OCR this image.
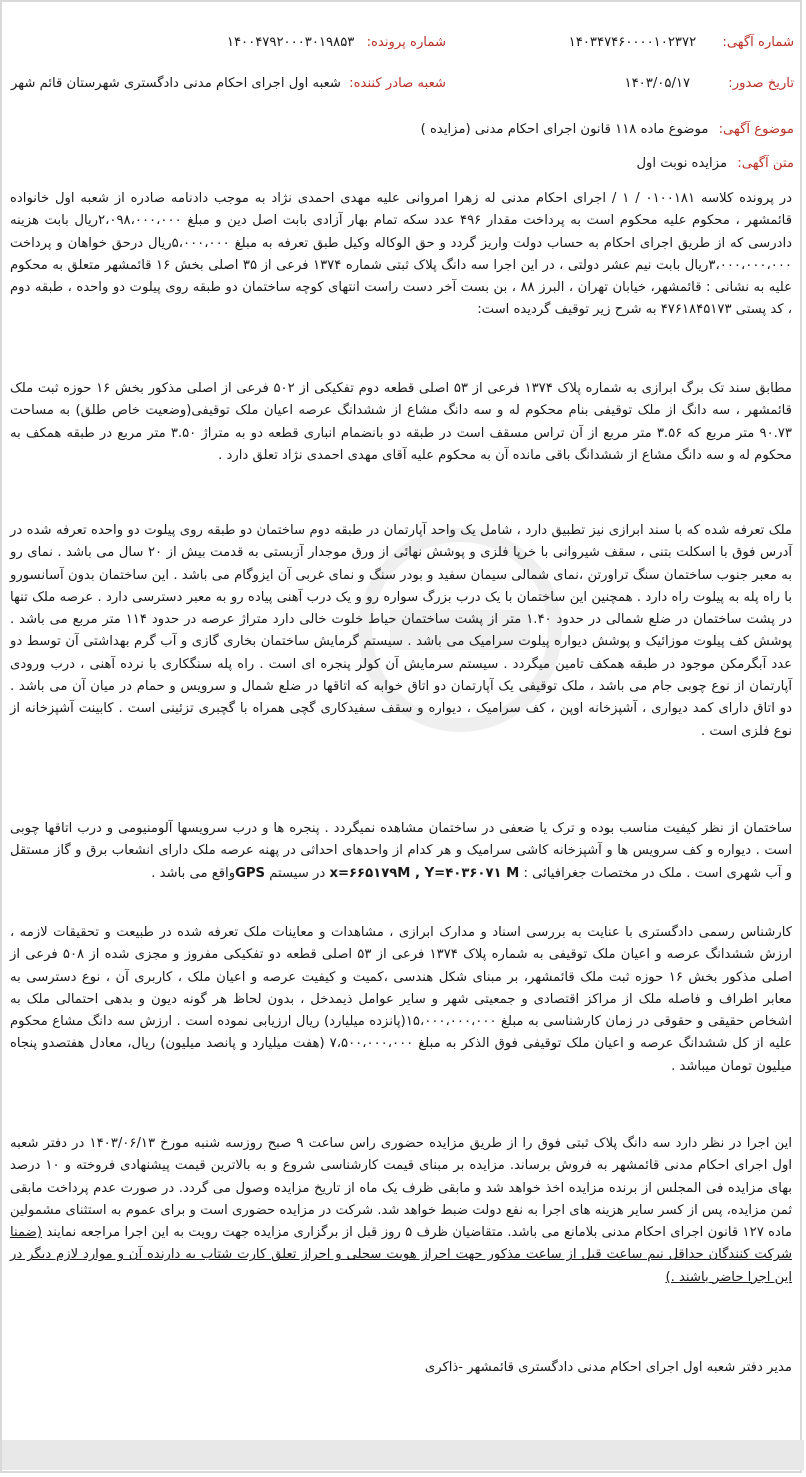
شماره آگهی: ۱۴۰۳۴۷۴۶۰۰۰۰۱۰۲۳۷۲
شماره پرونده: ۱۴۰۰۴۷۹۲۰۰۰۳۰۱۹۸۵۳
تاریخ صدور: ۱۴۰۳/۰۵/۱۷
شعبه صادر کننده: شعبه اول اجرای احکام مدنی دادگستری شهرستان قائم شهر
موضوع آگهی: موضوع ماده ۱۱۸ قانون اجرای احکام مدنی (مزایده )
متن آگهی: مزایده نوبت اول
در پرونده کلاسه ۰۱۰۰۱۸۱ / ۱ / اجرای احکام مدنی له زهرا امروانی علیه مهدی احمدی نژاد به موجب دادنامه صادره از شعبه اول خانواده قائمشهر ، محکوم علیه محکوم است به پرداخت مقدار ۴۹۶ عدد سکه تمام بهار آزادی بابت اصل دین و مبلغ ۲،۰۹۸،۰۰۰،۰۰۰ریال بابت هزینه دادرسی که از طریق اجرای احکام به حساب دولت واریز گردد و حق الوکاله وکیل طبق تعرفه به مبلغ ۵،۰۰۰،۰۰۰ریال درحق خواهان و پرداخت ۳،۰۰۰،۰۰۰،۰۰۰ریال بابت نیم عشر دولتی ، در این اجرا سه دانگ پلاک ثبتی شماره ۱۳۷۴ فرعی از ۳۵ اصلی بخش ۱۶ قائمشهر متعلق به محکوم علیه به نشانی : قائمشهر، خیابان تهران ، البرز ۸۸ ، بن بست آخر دست راست انتهای کوچه ساختمان دو طبقه روی پیلوت دو واحده ، طبقه دوم ، کد پستی ۴۷۶۱۸۴۵۱۷۳ به شرح زیر توقیف گردیده است:
مطابق سند تک برگ ابرازی به شماره پلاک ۱۳۷۴ فرعی از ۵۳ اصلی قطعه دوم تفکیکی از ۵۰۲ فرعی از اصلی مذکور بخش ۱۶ حوزه ثبت ملک قائمشهر ، سه دانگ از ملک توقیفی بنام محکوم له و سه دانگ مشاع از ششدانگ عرصه اعیان ملک توقیفی(وضعیت خاص طلق) به مساحت ۹۰.۷۳ متر مربع که ۳.۵۶ متر مربع از آن تراس مسقف است در طبقه دو بانضمام انباری قطعه دو به متراژ ۳.۵۰ متر مربع در طبقه همکف به محکوم له و سه دانگ مشاع از ششدانگ باقی مانده آن به محکوم علیه آقای مهدی احمدی نژاد تعلق دارد .
ملک تعرفه شده که با سند ابرازی نیز تطبیق دارد ، شامل یک واحد آپارتمان در طبقه دوم ساختمان دو طبقه روی پیلوت دو واحده تعرفه شده در آدرس فوق با اسکلت بتنی ، سقف شیروانی با خرپا فلزی و پوشش نهائی از ورق موجدار آزبستی به قدمت بیش از ۲۰ سال می باشد . نمای رو به معبر جنوب ساختمان سنگ تراورتن ،نمای شمالی سیمان سفید و بودر سنگ و نمای غربی آن ایزوگام می باشد . این ساختمان بدون آسانسورو با راه پله به پیلوت راه دارد . همچنین این ساختمان با یک درب بزرگ سواره رو و یک درب آهنی پیاده رو به معبر دسترسی دارد . عرصه ملک تنها در پشت ساختمان در ضلع شمالی در حدود ۱.۴۰ متر از پشت ساختمان حیاط خلوت خالی دارد متراژ عرصه در حدود ۱۱۴ متر مربع می باشد . پوشش کف پیلوت موزائیک و پوشش دیواره پیلوت سرامیک می باشد . سیستم گرمایش ساختمان بخاری گازی و آب گرم بهداشتی آن توسط دو عدد آبگرمکن موجود در طبقه همکف تامین میگردد . سیستم سرمایش آن کولر پنجره ای است . راه پله سنگکاری با نرده آهنی ، درب ورودی آپارتمان از نوع چوبی جام می باشد ، ملک توقیفی یک آپارتمان دو اتاق خوابه که اتاقها در ضلع شمال و سرویس و حمام در میان آن می باشد . دو اتاق دارای کمد دیواری ، آشپزخانه اوپن ، کف سرامیک ، دیواره و سقف سفیدکاری گچی همراه با گچبری تزئینی است . کابینت آشپزخانه از نوع فلزی است .
ساختمان از نظر کیفیت مناسب بوده و ترک یا ضعفی در ساختمان مشاهده نمیگردد . پنجره ها و درب سرویسها آلومنیومی و درب اتاقها چوبی است . دیواره و کف سرویس ها و آشپزخانه کاشی سرامیک و هر کدام از واحدهای احداثی در پهنه عرصه ملک دارای انشعاب برق و گاز مستقل و آب شهری است . ملک در مختصات جغرافیائی : x=۶۶۵۱۷۹M , Y=۴۰۳۶۰۷۱ M در سیستم GPSواقع می باشد .
کارشناس رسمی دادگستری با عنایت به بررسی اسناد و مدارک ابرازی ، مشاهدات و معاینات ملک تعرفه شده در طبیعت و تحقیقات لازمه ، ارزش ششدانگ عرصه و اعیان ملک توقیفی به شماره پلاک ۱۳۷۴ فرعی از ۵۳ اصلی قطعه دو تفکیکی مفروز و مجزی شده از ۵۰۸ فرعی از اصلی مذکور بخش ۱۶ حوزه ثبت ملک قائمشهر، بر مبنای شکل هندسی ،کمیت و کیفیت عرصه و اعیان ملک ، کاربری آن ، نوع دسترسی به معابر اطراف و فاصله ملک از مراکز اقتصادی و جمعیتی شهر و سایر عوامل ذیمدخل ، بدون لحاظ هر گونه دیون و بدهی احتمالی ملک به اشخاص حقیقی و حقوقی در زمان کارشناسی به مبلغ ۱۵،۰۰۰،۰۰۰،۰۰۰(پانزده میلیارد) ریال ارزیابی نموده است . ارزش سه دانگ مشاع محکوم علیه از کل ششدانگ عرصه و اعیان ملک توقیفی فوق الذکر به مبلغ ۷،۵۰۰،۰۰۰،۰۰۰ (هفت میلیارد و پانصد میلیون) ریال، معادل هفتصدو پنجاه میلیون تومان میباشد .
این اجرا در نظر دارد سه دانگ پلاک ثبتی فوق را از طریق مزایده حضوری راس ساعت ۹ صبح روزسه شنبه مورخ ۱۴۰۳/۰۶/۱۳ در دفتر شعبه اول اجرای احکام مدنی قائمشهر به فروش برساند. مزایده بر مبنای قیمت کارشناسی شروع و به بالاترین قیمت پیشنهادی فروخته و ۱۰ درصد بهای مزایده فی المجلس از برنده مزایده اخذ خواهد شد و مابقی ظرف یک ماه از تاریخ مزایده وصول می گردد. در صورت عدم پرداخت مابقی ثمن مزایده، پس از کسر سایر هزینه های اجرا به نفع دولت ضبط خواهد شد. شرکت در مزایده حضوری است و برای عموم به استثنای مشمولین ماده ۱۲۷ قانون اجرای احکام مدنی بلامانع می باشد. متقاضیان ظرف ۵ روز قبل از برگزاری مزایده جهت رویت به این اجرا مراجعه نمایند (ضمنا شرکت کنندگان حداقل نیم ساعت قبل از ساعت مذکور جهت احراز هویت سجلی و احراز تعلق کارت شتاب به دارنده آن و موارد لازم دیگر در این اجرا حاضر باشند .)
مدیر دفتر شعبه اول اجرای احکام مدنی دادگستری قائمشهر -ذاکری
